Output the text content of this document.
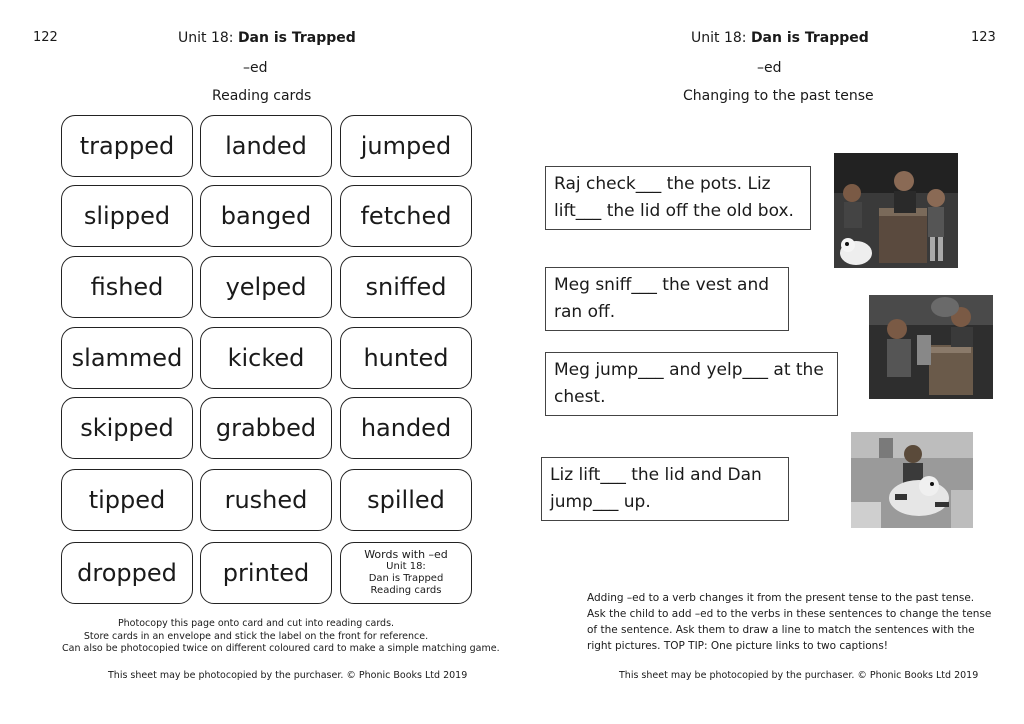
122	Unit 18: Dan is Trapped
–ed
Reading cards
trapped	landed	jumped
slipped	banged	fetched
fished	yelped	sniffed
slammed	kicked	hunted
skipped	grabbed	handed
tipped	rushed	spilled
dropped	printed
Words with –ed
Unit 18:
Dan is Trapped
Reading cards
Photocopy this page onto card and cut into reading cards.
Store cards in an envelope and stick the label on the front for reference.
Can also be photocopied twice on different coloured card to make a simple matching game.
This sheet may be photocopied by the purchaser. © Phonic Books Ltd 2019
123
Unit 18: Dan is Trapped
–ed
Changing to the past tense
Raj check___ the pots. Liz
lift___ the lid off the old box.
Meg sniff___ the vest and
ran off.
Meg jump___ and yelp___ at the
chest.
Liz lift___ the lid and Dan
jump___ up.
Adding –ed to a verb changes it from the present tense to the past tense.
Ask the child to add –ed to the verbs in these sentences to change the tense
of the sentence. Ask them to draw a line to match the sentences with the
right pictures. TOP TIP: One picture links to two captions!
This sheet may be photocopied by the purchaser. © Phonic Books Ltd 2019
